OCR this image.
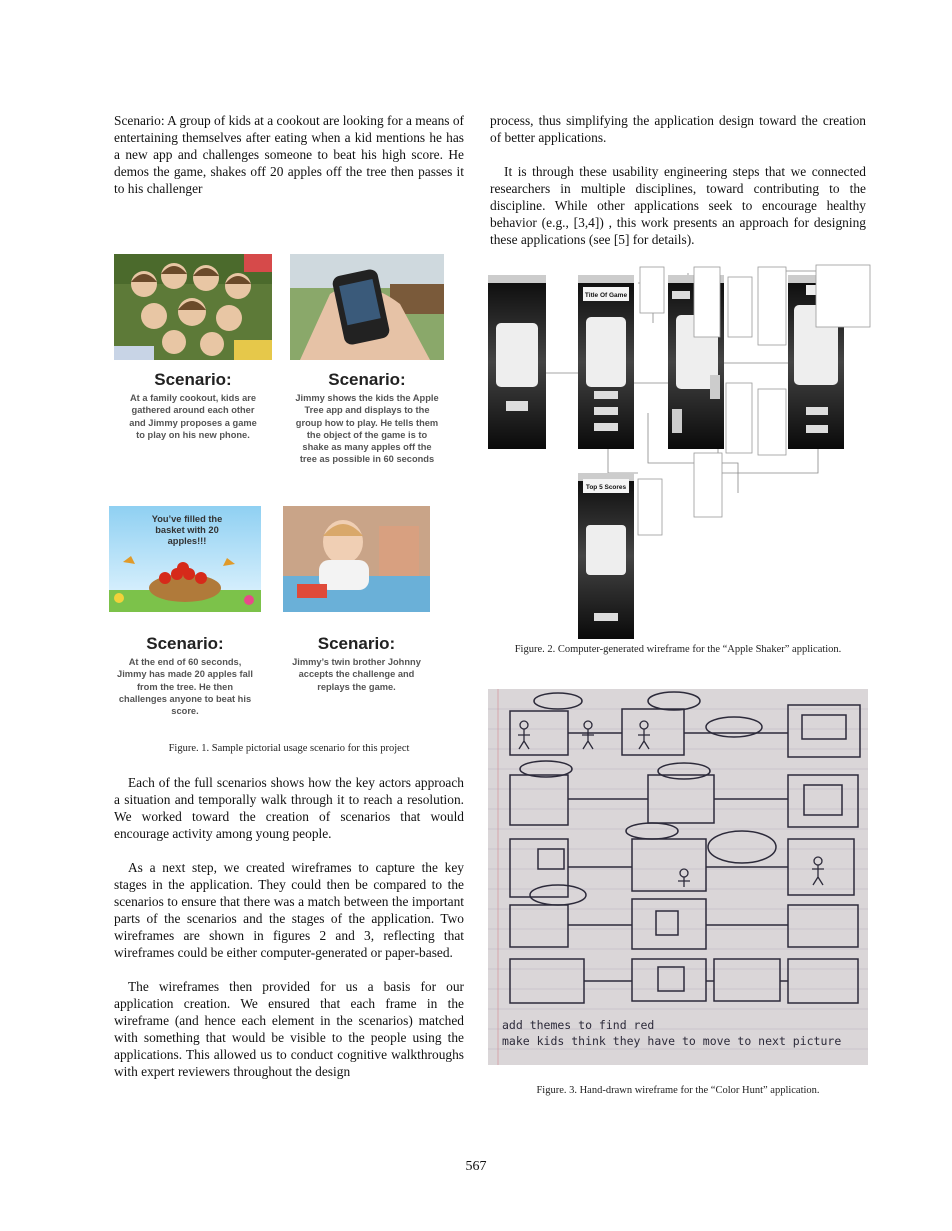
Scenario: A group of kids at a cookout are looking for a means of entertaining themselves after eating when a kid mentions he has a new app and challenges someone to beat his high score. He demos the game, shakes off 20 apples off the tree then passes it to his challenger

Scenario:
At a family cookout, kids are gathered around each other and Jimmy proposes a game to play on his new phone.
Scenario:
Jimmy shows the kids the Apple Tree app and displays to the group how to play. He tells them the object of the game is to shake as many apples off the tree as possible in 60 seconds
You’ve filled the basket with 20 apples!!!
Scenario:
At the end of 60 seconds, Jimmy has made 20 apples fall from the tree. He then challenges anyone to beat his score.
Scenario:
Jimmy’s twin brother Johnny accepts the challenge and replays the game.
Figure. 1. Sample pictorial usage scenario for this project

Each of the full scenarios shows how the key actors approach a situation and temporally walk through it to reach a resolution. We worked toward the creation of scenarios that would encourage activity among young people.

As a next step, we created wireframes to capture the key stages in the application. They could then be compared to the scenarios to ensure that there was a match between the important parts of the scenarios and the stages of the application. Two wireframes are shown in figures 2 and 3, reflecting that wireframes could be either computer-generated or paper-based.

The wireframes then provided for us a basis for our application creation. We ensured that each frame in the wireframe (and hence each element in the scenarios) matched with something that would be visible to the people using the applications. This allowed us to conduct cognitive walkthroughs with expert reviewers throughout the design

process, thus simplifying the application design toward the creation of better applications.

It is through these usability engineering steps that we connected researchers in multiple disciplines, toward contributing to the discipline. While other applications seek to encourage healthy behavior (e.g., [3,4]) , this work presents an approach for designing these applications (see [5] for details).

Title Of Game
Top 5 Scores
Figure. 2. Computer-generated wireframe for the “Apple Shaker” application.
add themes to find red
make kids think they have to move to next picture
Figure. 3. Hand-drawn wireframe for the “Color Hunt” application.
567
